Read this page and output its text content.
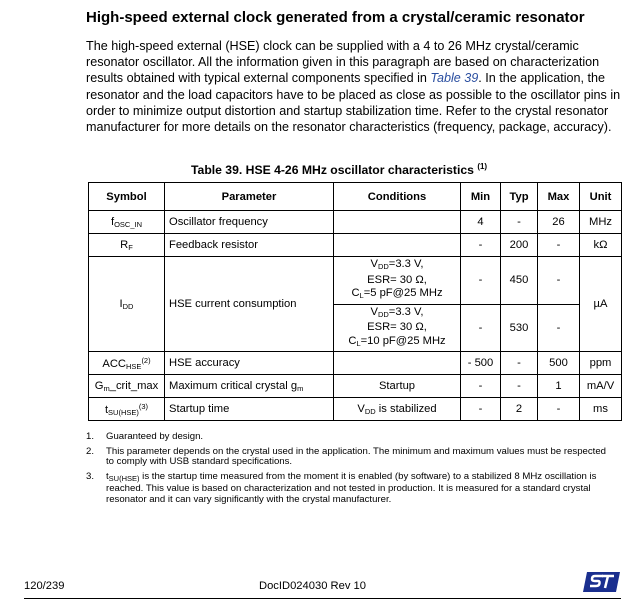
High-speed external clock generated from a crystal/ceramic resonator
The high-speed external (HSE) clock can be supplied with a 4 to 26 MHz crystal/ceramic resonator oscillator. All the information given in this paragraph are based on characterization results obtained with typical external components specified in Table 39. In the application, the resonator and the load capacitors have to be placed as close as possible to the oscillator pins in order to minimize output distortion and startup stabilization time. Refer to the crystal resonator manufacturer for more details on the resonator characteristics (frequency, package, accuracy).
Table 39. HSE 4-26 MHz oscillator characteristics $^{(1)}$
Symbol	Parameter	Conditions	Min	Typ	Max	Unit
$f_{OSC\_IN}$	Oscillator frequency		4	-	26	MHz
$R_F$	Feedback resistor		-	200	-	kΩ
$I_{DD}$	HSE current consumption	$V_{DD}=3.3$ V,
ESR= 30 Ω,
$C_L=5$ pF@25 MHz	-	450	-	µA

		$V_{DD}=3.3$ V,
ESR= 30 Ω,
$C_L=10$ pF@25 MHz	-	530	-	
$ACC_{HSE}^{(2)}$	HSE accuracy		- 500	-	500	ppm
$G_m\_crit\_\max$	Maximum critical crystal $g_m$	Startup	-	-	1	mA/V
$t_{SU(HSE)}^{(3)}$	Startup time	$V_{DD}$ is stabilized	-	2	-	ms
1.	Guaranteed by design.
2.	This parameter depends on the crystal used in the application. The minimum and maximum values must be respected to comply with USB standard specifications.
3.	$t_{SU(HSE)}$ is the startup time measured from the moment it is enabled (by software) to a stabilized 8 MHz oscillation is reached. This value is based on characterization and not tested in production. It is measured for a standard crystal resonator and it can vary significantly with the crystal manufacturer.
120/239	DocID024030 Rev 10
